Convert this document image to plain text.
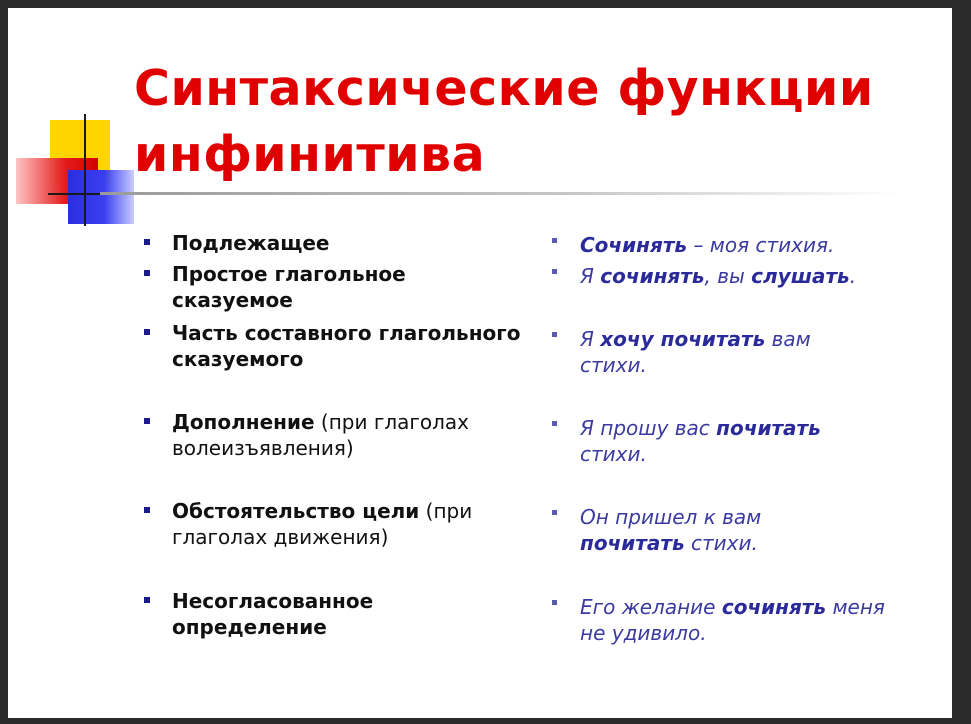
Синтаксические функции инфинитива
Подлежащее
Простое глагольное сказуемое
Часть составного глагольного сказуемого
Дополнение (при глаголах волеизъявления)
Обстоятельство цели (при глаголах движения)
Несогласованное определение
Сочинять – моя стихия.
Я сочинять, вы слушать.
Я хочу почитать вам стихи.
Я прошу вас почитать стихи.
Он пришел к вам почитать стихи.
Его желание сочинять меня не удивило.
